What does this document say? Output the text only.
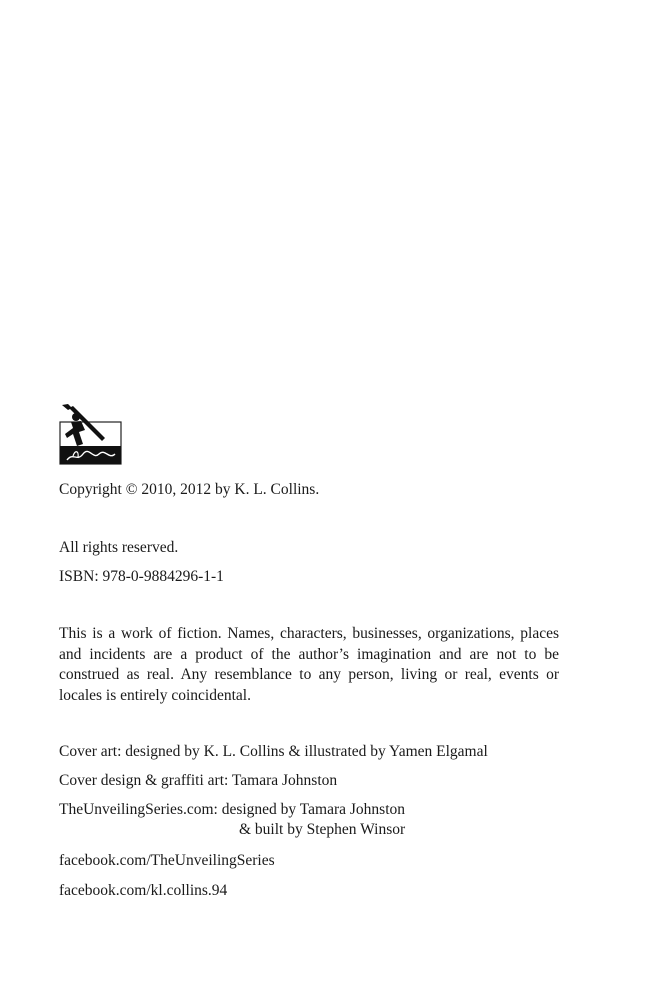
Copyright © 2010, 2012 by K. L. Collins.

All rights reserved.

ISBN: 978-0-9884296-1-1

This is a work of fiction. Names, characters, businesses, organizations, places and incidents are a product of the author’s imagination and are not to be construed as real. Any resemblance to any person, living or real, events or locales is entirely coincidental.

Cover art: designed by K. L. Collins & illustrated by Yamen Elgamal

Cover design & graffiti art: Tamara Johnston

TheUnveilingSeries.com: designed by Tamara Johnston

& built by Stephen Winsor

facebook.com/TheUnveilingSeries

facebook.com/kl.collins.94
